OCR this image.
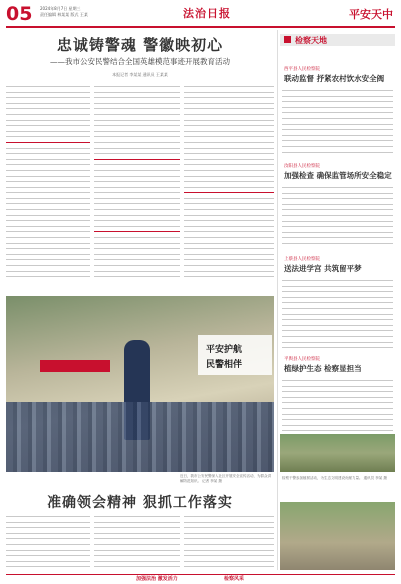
05 2024年8月7日 星期三
责任编辑 林某某 版式 王某	法治日报	平安天中
忠诚铸警魂 警徽映初心
——我市公安民警结合全国英雄模范事迹开展教育活动
本报记者 李某某 通讯员 王某某
平安护航
民警相伴
近日，我市公安民警深入社区开展安全宣传活动，为群众讲解防范知识。 记者 李某 摄
准确领会精神 狠抓工作落实
检察天地
西平县人民检察院
联动监督 抒紧农村饮水安全阀
汝阳县人民检察院
加强检查 确保监管场所安全稳定
上蔡县人民检察院
送法进学宫 共筑留平梦
平舆县人民检察院
植绿护生态 检察显担当
检察干警参加植树活动，为生态文明建设贡献力量。 通讯员 李某 摄
加强法治 激发活力	检察风采
